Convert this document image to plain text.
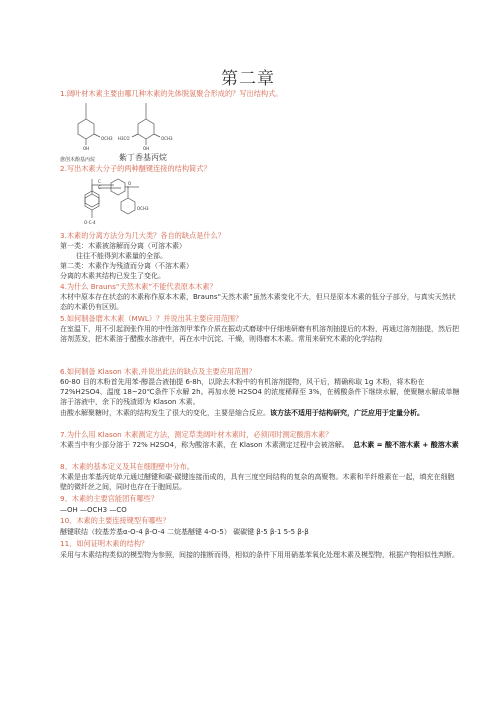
第二章
1.阔叶材木素主要由哪几种木素的先体脱氢聚合形成的？写出结构式。
OCH3
OH
H3CO	OCH3
OH
愈创木酚基丙烷	紫丁香基丙烷
2.写出木素大分子的两种醚键连接的结构简式？
C
C
O
O-C-4
OCH3
3.木素的分离方法分为几大类？各自的缺点是什么？
第一类：木素被溶解而分离（可溶木素）
往往不能得到木素量的全部。
第二类：木素作为残渣而分离（不溶木素）
分离的木素其结构已发生了变化。
4.为什么 Brauns“天然木素”不能代表原本木素？
木材中原本存在状态的木素称作原本木素，Brauns“天然木素”虽然木素变化不大，但只是原本木素的低分子部分，与真实天然状态的木素仍有区别。
5.如何制备磨木木素（MWL）？并说出其主要应用范围？
在室温下，用不引起润张作用的中性溶剂甲苯作介质在振动式磨球中仔细地研磨有机溶剂抽提后的木粉，再通过溶剂抽提，然后把溶剂蒸发，把木素溶于醋酸水溶液中，再在水中沉淀、干燥，则得磨木木素。常用来研究木素的化学结构
6.如何制备 Klason 木素,并说出此法的缺点及主要应用范围？
60-80 目的木粉首先用苯-醇混合液抽提 6-8h，以除去木粉中的有机溶剂提物，风干后，精确称取 1g 木粉，将木粉在 72%H2SO4、温度 18~20℃条件下水解 2h。再加水使 H2SO4 的浓度稀释至 3%，在稀酸条件下继续水解，使聚糖水解成单糖溶于溶液中，余下的残渣即为 Klason 木素。
由酸水解聚糖时，木素的结构发生了很大的变化，主要是缩合反应。该方法不适用于结构研究，广泛应用于定量分析。
7.为什么用 Klason 木素测定方法，测定草类阔叶材木素时，必须同时测定酸溶木素？
木素当中有少部分溶于 72% H2SO4，称为酸溶木素，在 Klason 木素测定过程中会被溶解。 总木素 = 酸不溶木素 + 酸溶木素
8、木素的基本定义及其在细胞壁中分布。
木素是由苯基丙烷单元通过醚键和碳-碳键连接而成的，具有三度空间结构的复杂的高聚物。木素和半纤维素在一起，填充在细胞壁的微纤丝之间，同时也存在于胞间层。
9、木素的主要官能团有哪些？
—OH —OCH3 —CO
10、木素的主要连接键型有哪些？
醚键联结（较基芳基α-O-4 β-O-4 二烷基醚键 4-O-5） 碳碳键 β-5 β-1 5-5 β-β
11、如何证明木素的结构？
采用与木素结构类似的模型物为参照，间接的推断而得，相似的条件下用用硝基苯氧化处理木素及模型物，根据产物相似性判断。
